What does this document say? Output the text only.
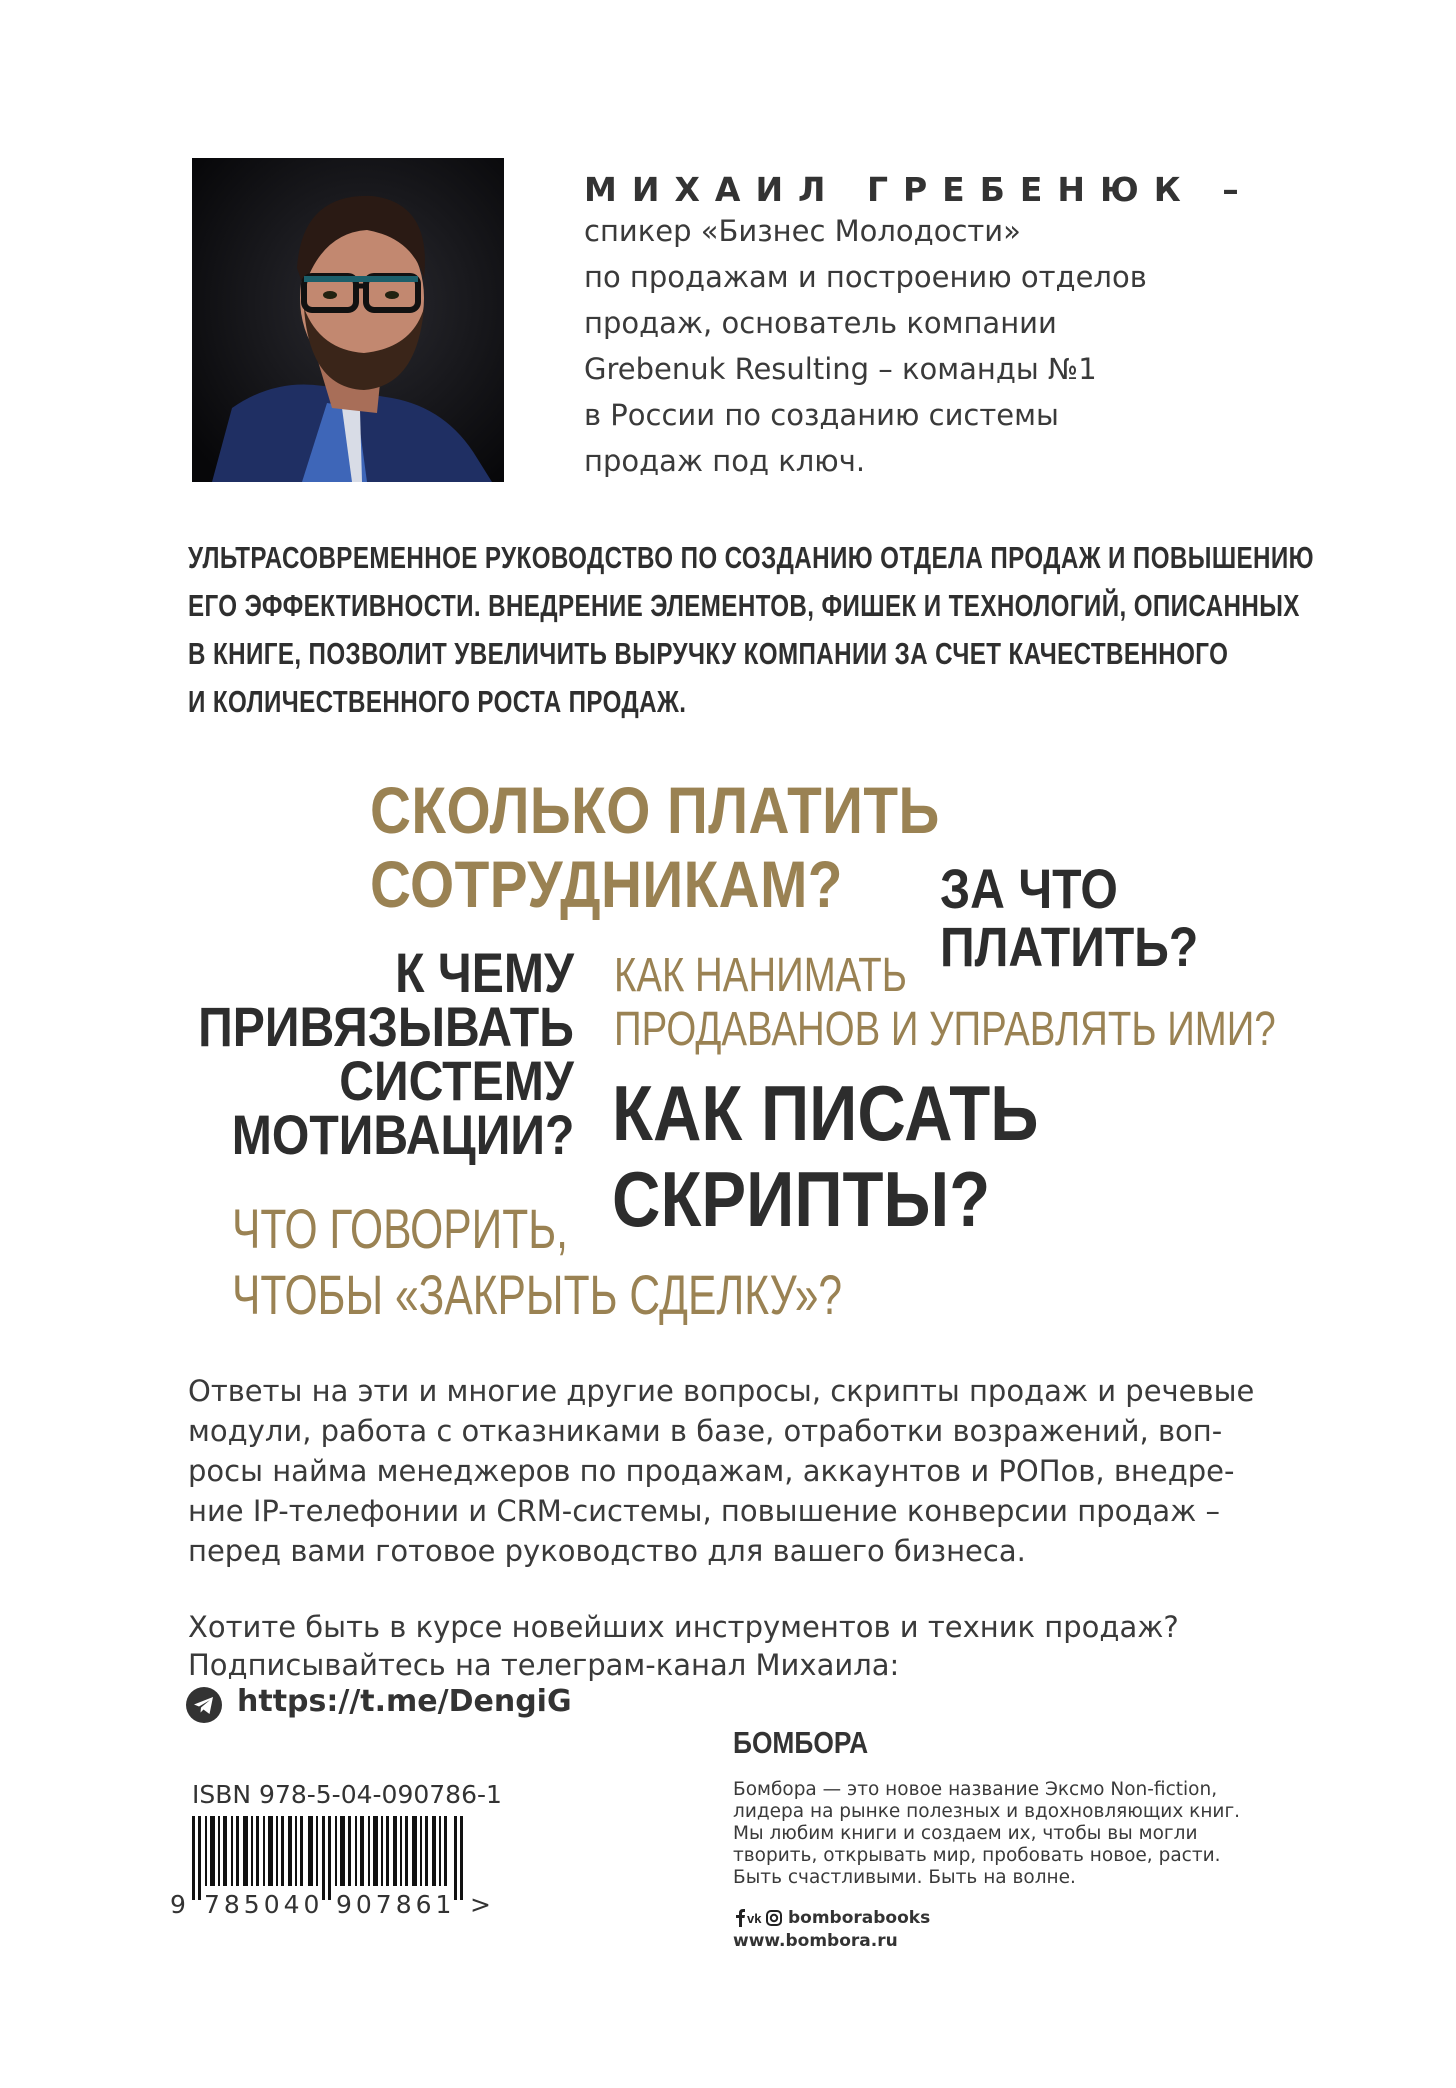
МИХАИЛ ГРЕБЕНЮК –
спикер «Бизнес Молодости»
по продажам и построению отделов
продаж, основатель компании
Grebenuk Resulting – команды №1
в России по созданию системы
продаж под ключ.
УЛЬТРАСОВРЕМЕННОЕ РУКОВОДСТВО ПО СОЗДАНИЮ ОТДЕЛА ПРОДАЖ И ПОВЫШЕНИЮ
ЕГО ЭФФЕКТИВНОСТИ. ВНЕДРЕНИЕ ЭЛЕМЕНТОВ, ФИШЕК И ТЕХНОЛОГИЙ, ОПИСАННЫХ
В КНИГЕ, ПОЗВОЛИТ УВЕЛИЧИТЬ ВЫРУЧКУ КОМПАНИИ ЗА СЧЕТ КАЧЕСТВЕННОГО
И КОЛИЧЕСТВЕННОГО РОСТА ПРОДАЖ.
СКОЛЬКО ПЛАТИТЬ
СОТРУДНИКАМ? ЗА ЧТО
ПЛАТИТЬ?
К ЧЕМУ
ПРИВЯЗЫВАТЬ
СИСТЕМУ
МОТИВАЦИИ?
КАК НАНИМАТЬ
ПРОДАВАНОВ И УПРАВЛЯТЬ ИМИ?
КАК ПИСАТЬ
СКРИПТЫ?
ЧТО ГОВОРИТЬ,
ЧТОБЫ «ЗАКРЫТЬ СДЕЛКУ»?
Ответы на эти и многие другие вопросы, скрипты продаж и речевые
модули, работа с отказниками в базе, отработки возражений, воп-
росы найма менеджеров по продажам, аккаунтов и РОПов, внедре-
ние IP-телефонии и CRM-системы, повышение конверсии продаж –
перед вами готовое руководство для вашего бизнеса.
Хотите быть в курсе новейших инструментов и техник продаж?
Подписывайтесь на телеграм-канал Михаила:
https://t.me/DengiG
ISBN 978-5-04-090786-1
9 785040 907861 >
БОМБОРА
Бомбора — это новое название Эксмо Non-fiction,
лидера на рынке полезных и вдохновляющих книг.
Мы любим книги и создаем их, чтобы вы могли
творить, открывать мир, пробовать новое, расти.
Быть счастливыми. Быть на волне.
vk bomborabooks
www.bombora.ru
